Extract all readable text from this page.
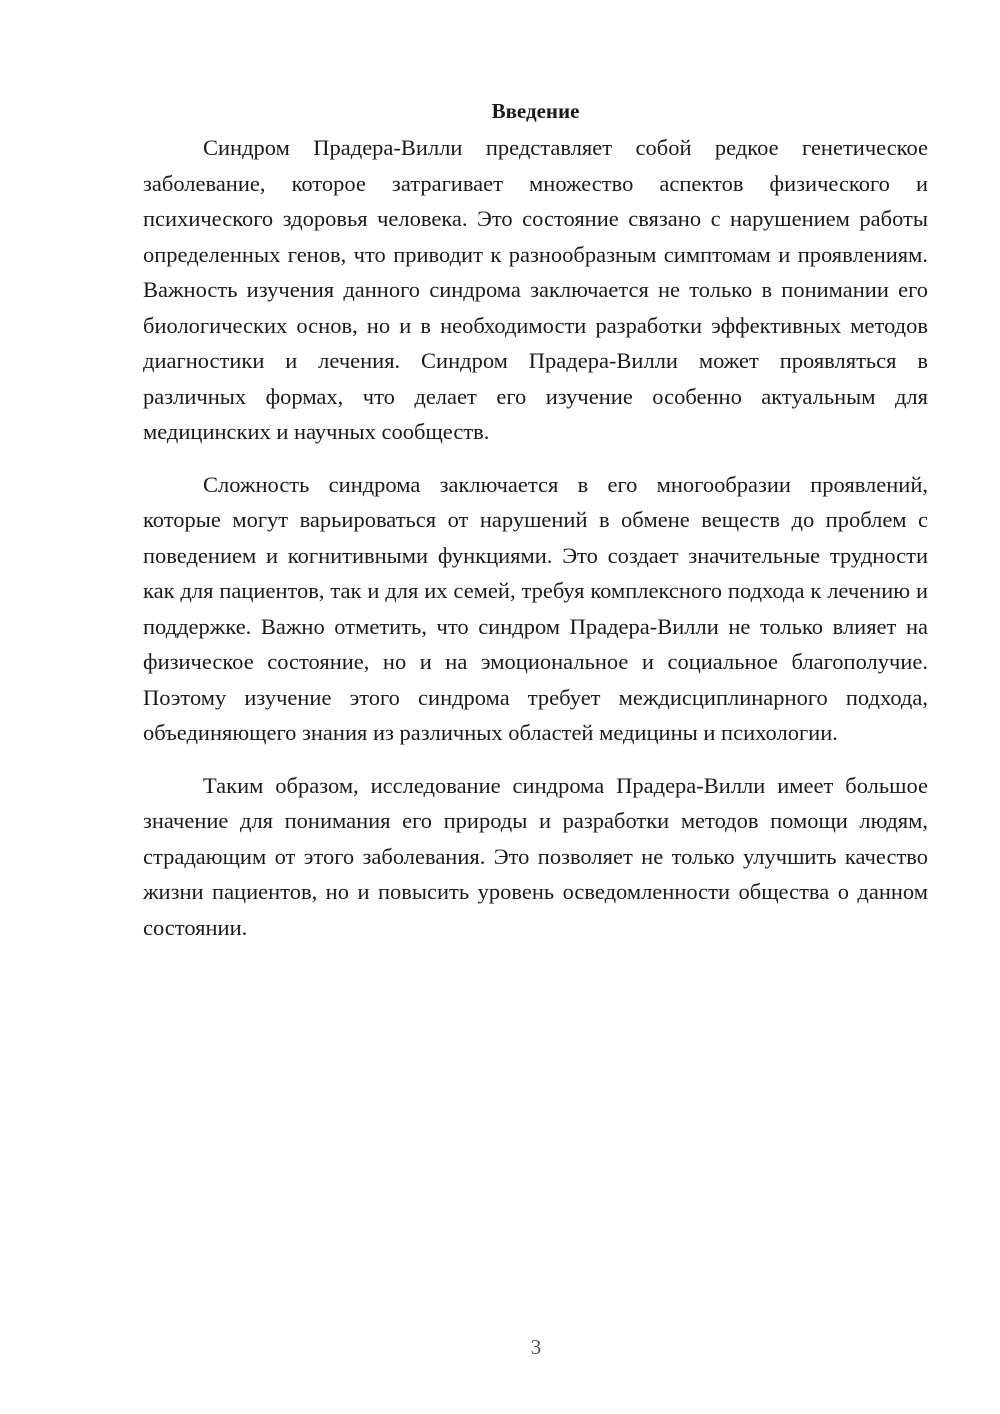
Введение

Синдром Прадера-Вилли представляет собой редкое генетическое заболевание, которое затрагивает множество аспектов физического и психического здоровья человека. Это состояние связано с нарушением работы определенных генов, что приводит к разнообразным симптомам и проявлениям. Важность изучения данного синдрома заключается не только в понимании его биологических основ, но и в необходимости разработки эффективных методов диагностики и лечения. Синдром Прадера-Вилли может проявляться в различных формах, что делает его изучение особенно актуальным для медицинских и научных сообществ.

Сложность синдрома заключается в его многообразии проявлений, которые могут варьироваться от нарушений в обмене веществ до проблем с поведением и когнитивными функциями. Это создает значительные трудности как для пациентов, так и для их семей, требуя комплексного подхода к лечению и поддержке. Важно отметить, что синдром Прадера-Вилли не только влияет на физическое состояние, но и на эмоциональное и социальное благополучие. Поэтому изучение этого синдрома требует междисциплинарного подхода, объединяющего знания из различных областей медицины и психологии.

Таким образом, исследование синдрома Прадера-Вилли имеет большое значение для понимания его природы и разработки методов помощи людям, страдающим от этого заболевания. Это позволяет не только улучшить качество жизни пациентов, но и повысить уровень осведомленности общества о данном состоянии.

3
